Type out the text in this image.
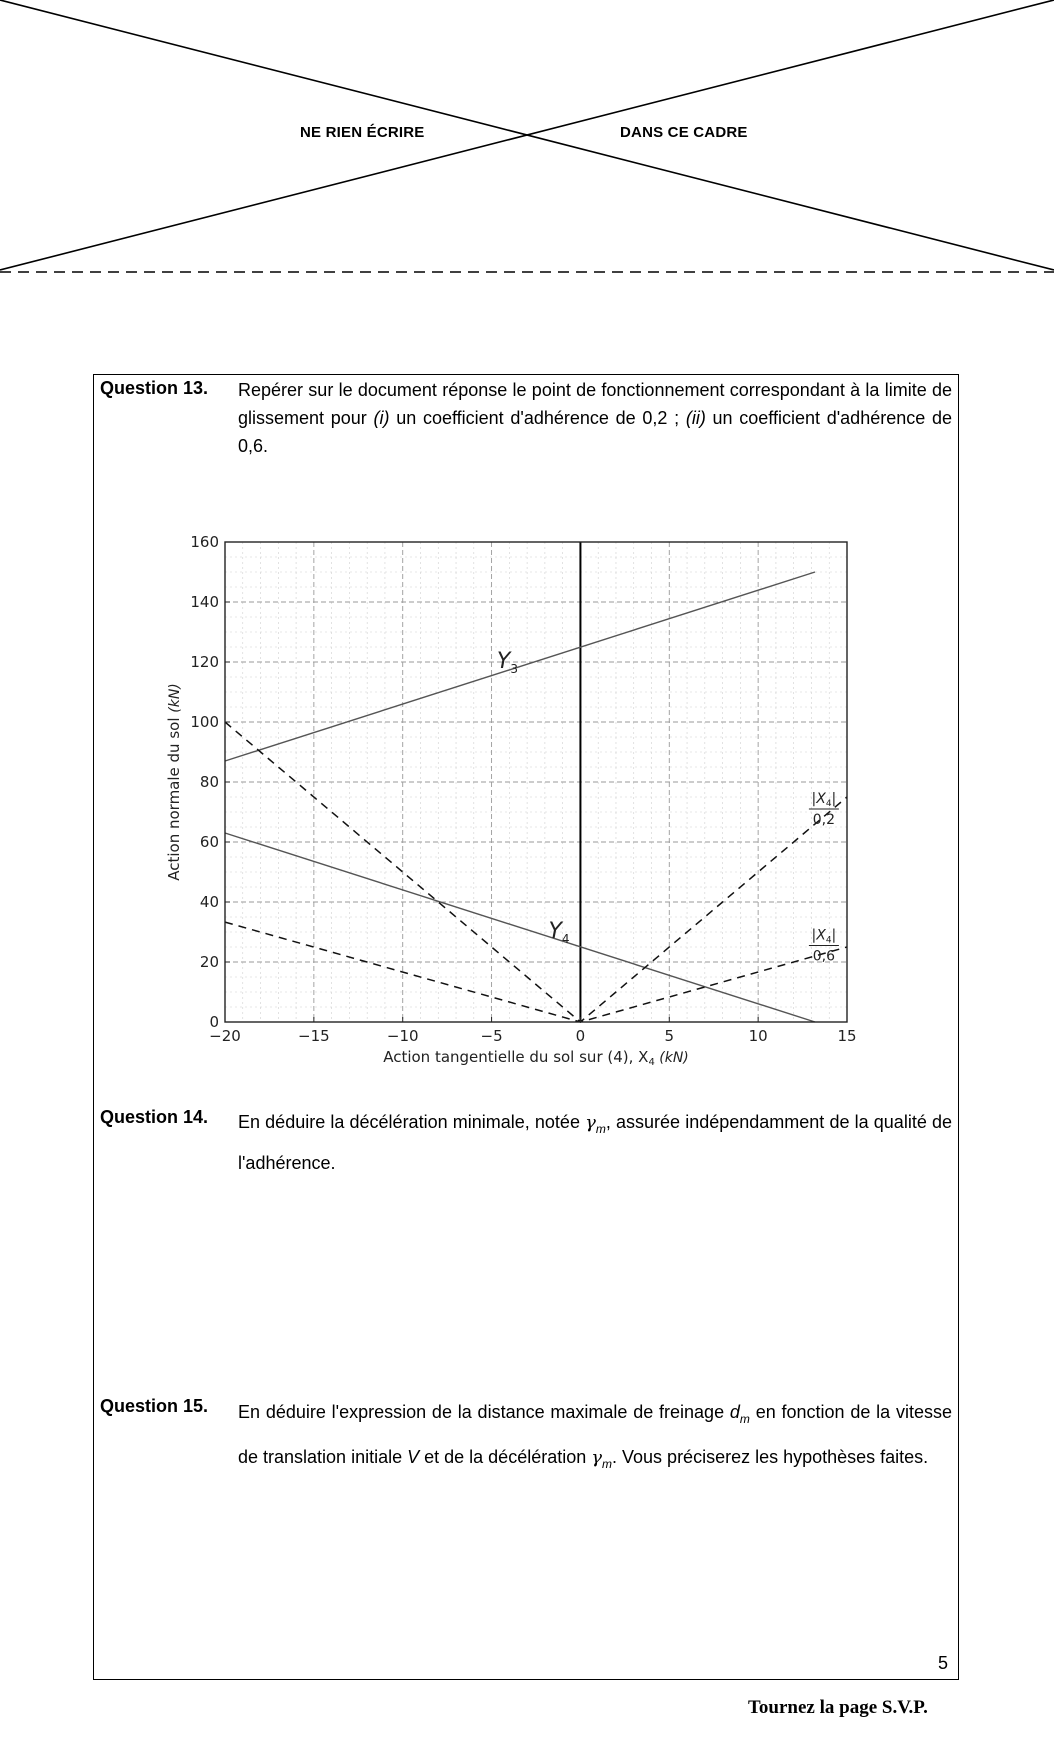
NE RIEN ÉCRIRE	DANS CE CADRE
Question 13. Repérer sur le document réponse le point de fonctionnement correspondant à la limite de glissement pour (i) un coefficient d'adhérence de 0,2 ; (ii) un coefficient d'adhérence de 0,6.
−20	−15	−10	−5	0	5	10	15
0
20
40
60
80
100
120
140
160
Action tangentielle du sol sur (4), $X_4$ (kN)
Action normale du sol (kN)
$Y_3$
$Y_4$
$|X_4|$
0,2
$|X_4|$
0,6
Question 14. En déduire la décélération minimale, notée $\gamma_m$, assurée indépendamment de la qualité de l'adhérence.
Question 15. En déduire l'expression de la distance maximale de freinage $d_m$ en fonction de la vitesse de translation initiale V et de la décélération $\gamma_m$. Vous préciserez les hypothèses faites.
5
Tournez la page S.V.P.
